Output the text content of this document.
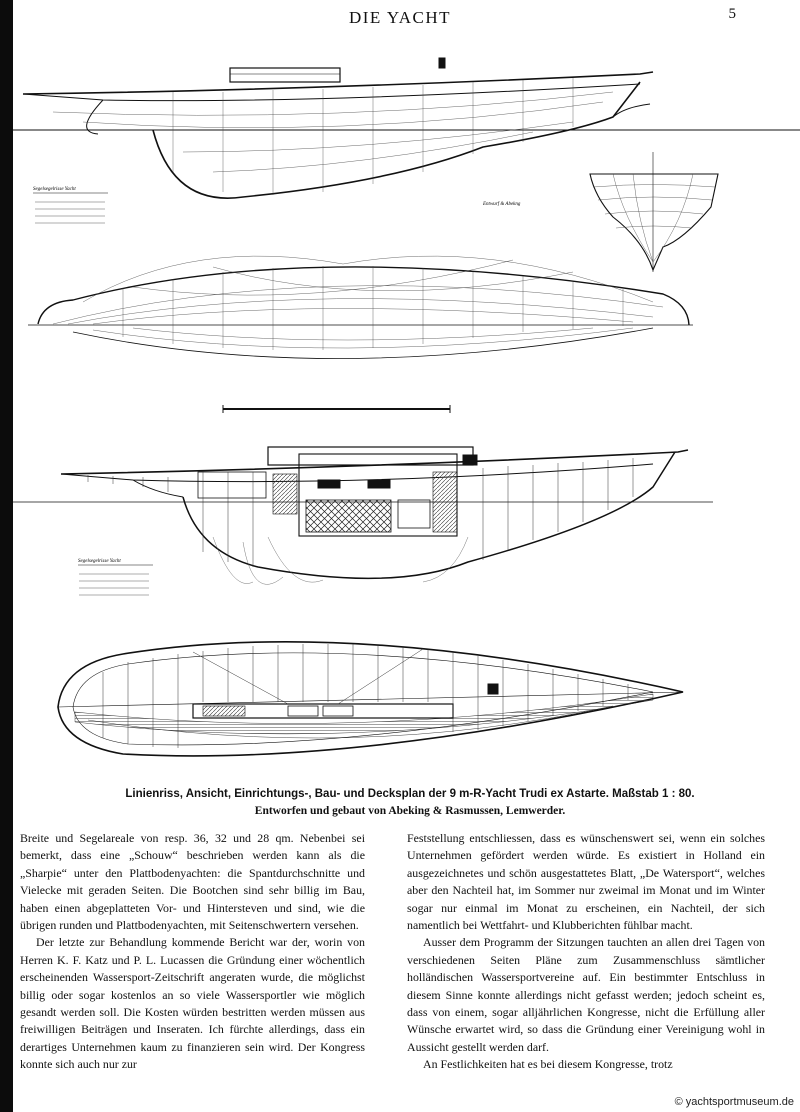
DIE YACHT	5
Segelsegelrisse Yacht
Entwurf & Abekng
Segelsegelrisse Yacht
Linienriss, Ansicht, Einrichtungs-, Bau- und Decksplan der 9 m-R-Yacht Trudi ex Astarte. Maßstab 1 : 80.
Entworfen und gebaut von Abeking & Rasmussen, Lemwerder.

Breite und Segelareale von resp. 36, 32 und 28 qm. Nebenbei sei bemerkt, dass eine „Schouw“ beschrieben werden kann als die „Sharpie“ unter den Plattbodenyachten: die Spantdurchschnitte und Vielecke mit geraden Seiten. Die Bootchen sind sehr billig im Bau, haben einen abgeplatteten Vor- und Hintersteven und sind, wie die übrigen runden und Plattbodenyachten, mit Seitenschwertern versehen.

Der letzte zur Behandlung kommende Bericht war der, worin von Herren K. F. Katz und P. L. Lucassen die Gründung einer wöchentlich erscheinenden Wassersport-Zeitschrift angeraten wurde, die möglichst billig oder sogar kostenlos an so viele Wassersportler wie möglich gesandt werden soll. Die Kosten würden bestritten werden müssen aus freiwilligen Beiträgen und Inseraten. Ich fürchte allerdings, dass ein derartiges Unternehmen kaum zu finanzieren sein wird. Der Kongress konnte sich auch nur zur

Feststellung entschliessen, dass es wünschenswert sei, wenn ein solches Unternehmen gefördert werden würde. Es existiert in Holland ein ausgezeichnetes und schön ausgestattetes Blatt, „De Watersport“, welches aber den Nachteil hat, im Sommer nur zweimal im Monat und im Winter sogar nur einmal im Monat zu erscheinen, ein Nachteil, der sich namentlich bei Wettfahrt- und Klubberichten fühlbar macht.

Ausser dem Programm der Sitzungen tauchten an allen drei Tagen von verschiedenen Seiten Pläne zum Zusammenschluss sämtlicher holländischen Wassersportvereine auf. Ein bestimmter Entschluss in diesem Sinne konnte allerdings nicht gefasst werden; jedoch scheint es, dass von einem, sogar alljährlichen Kongresse, nicht die Erfüllung aller Wünsche erwartet wird, so dass die Gründung einer Vereinigung wohl in Aussicht gestellt werden darf.

An Festlichkeiten hat es bei diesem Kongresse, trotz

© yachtsportmuseum.de
